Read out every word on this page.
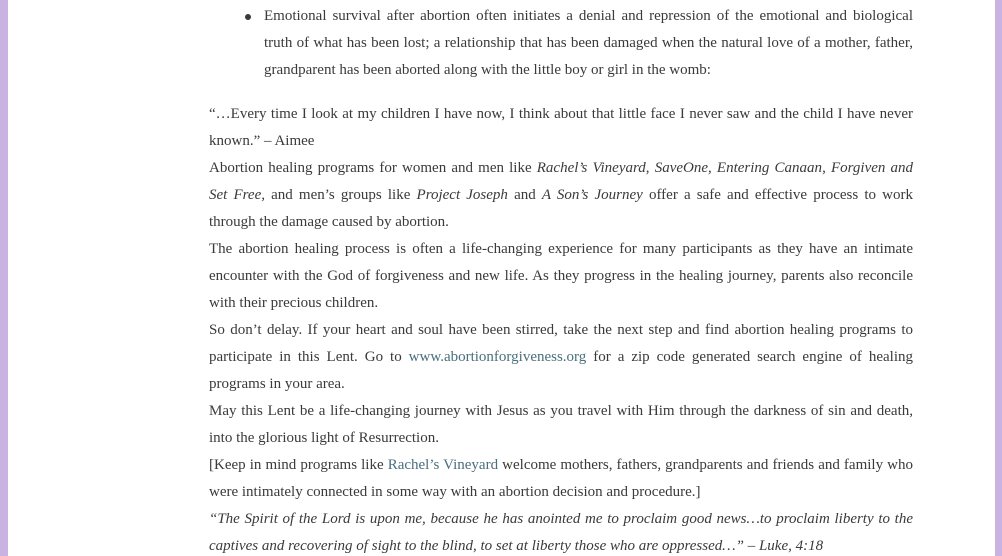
Emotional survival after abortion often initiates a denial and repression of the emotional and biological truth of what has been lost; a relationship that has been damaged when the natural love of a mother, father, grandparent has been aborted along with the little boy or girl in the womb:

“…Every time I look at my children I have now, I think about that little face I never saw and the child I have never known.” – Aimee

Abortion healing programs for women and men like Rachel’s Vineyard, SaveOne, Entering Canaan, Forgiven and Set Free, and men’s groups like Project Joseph and A Son’s Journey offer a safe and effective process to work through the damage caused by abortion.

The abortion healing process is often a life-changing experience for many participants as they have an intimate encounter with the God of forgiveness and new life. As they progress in the healing journey, parents also reconcile with their precious children.

So don’t delay. If your heart and soul have been stirred, take the next step and find abortion healing programs to participate in this Lent. Go to www.abortionforgiveness.org for a zip code generated search engine of healing programs in your area.

May this Lent be a life-changing journey with Jesus as you travel with Him through the darkness of sin and death, into the glorious light of Resurrection.

[Keep in mind programs like Rachel’s Vineyard welcome mothers, fathers, grandparents and friends and family who were intimately connected in some way with an abortion decision and procedure.]

“The Spirit of the Lord is upon me, because he has anointed me to proclaim good news…to proclaim liberty to the captives and recovering of sight to the blind, to set at liberty those who are oppressed…” – Luke, 4:18
